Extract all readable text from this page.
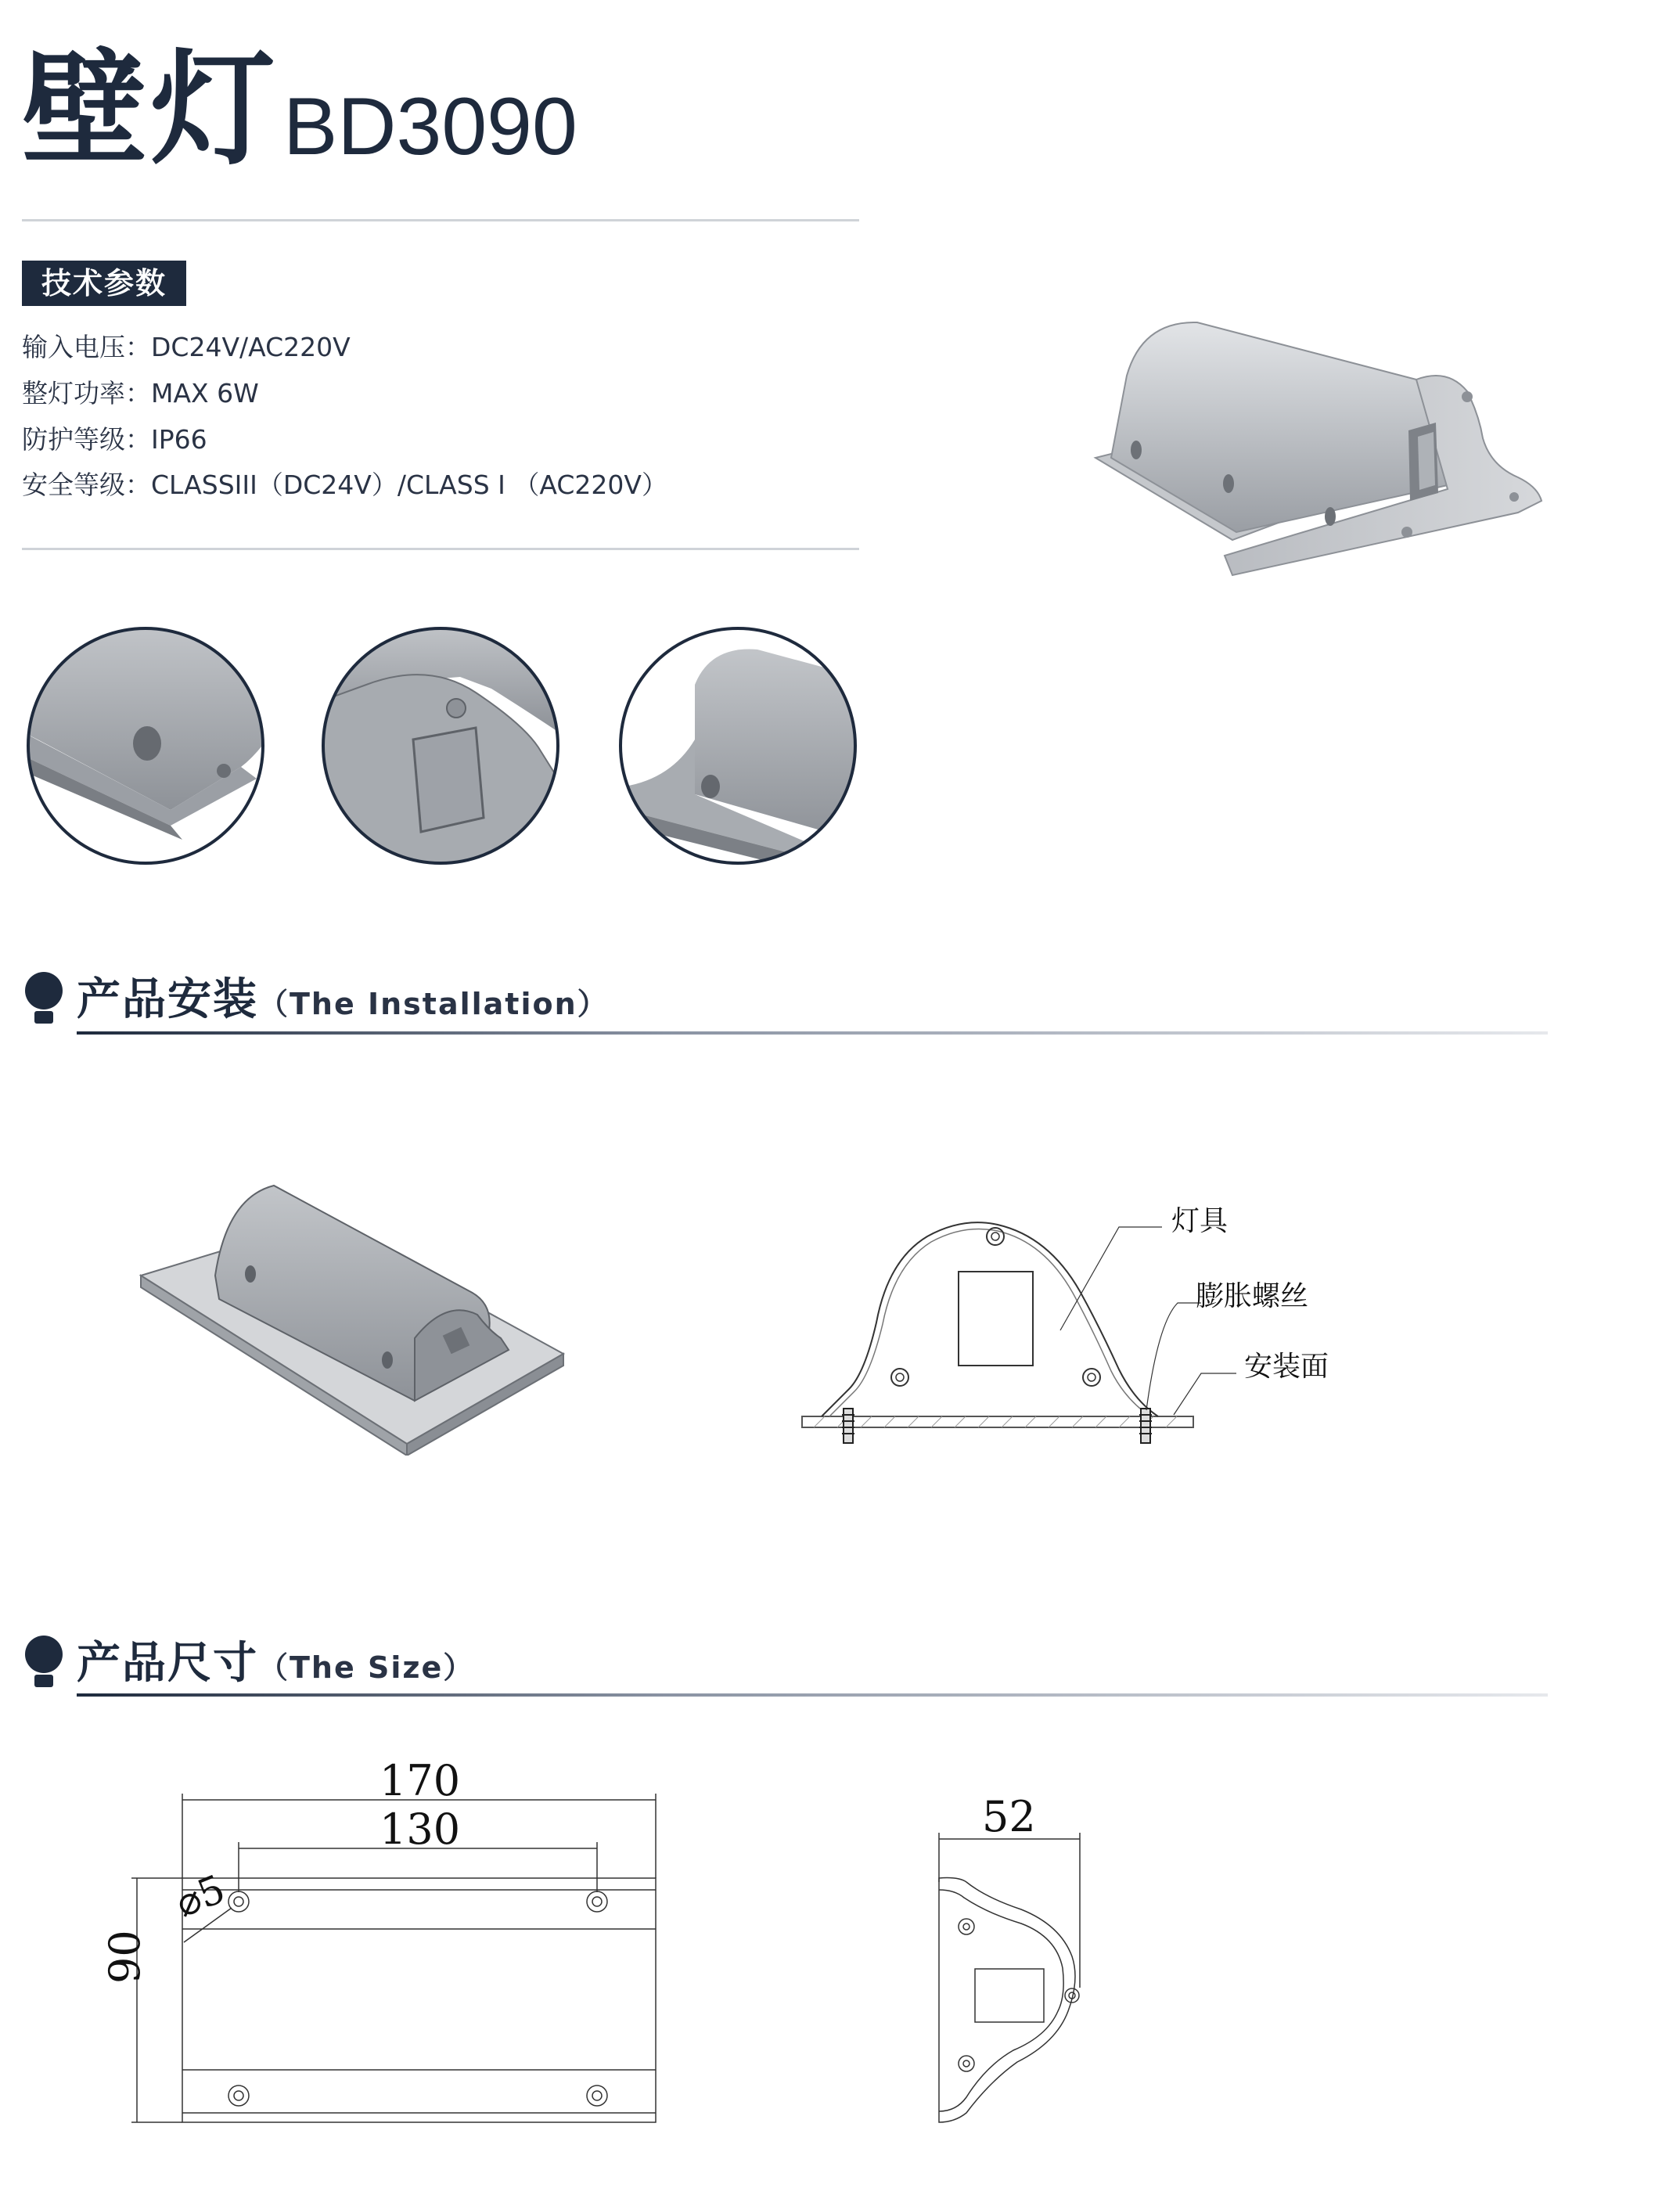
壁灯 BD3090
技术参数
输入电压：DC24V/AC220V
整灯功率：MAX 6W
防护等级：IP66
安全等级：CLASSIII（DC24V）/CLASS I （AC220V）
产品安装（The Installation）
灯具
膨胀螺丝
安装面
产品尺寸（The Size）
170
130
⌀5
90
52
